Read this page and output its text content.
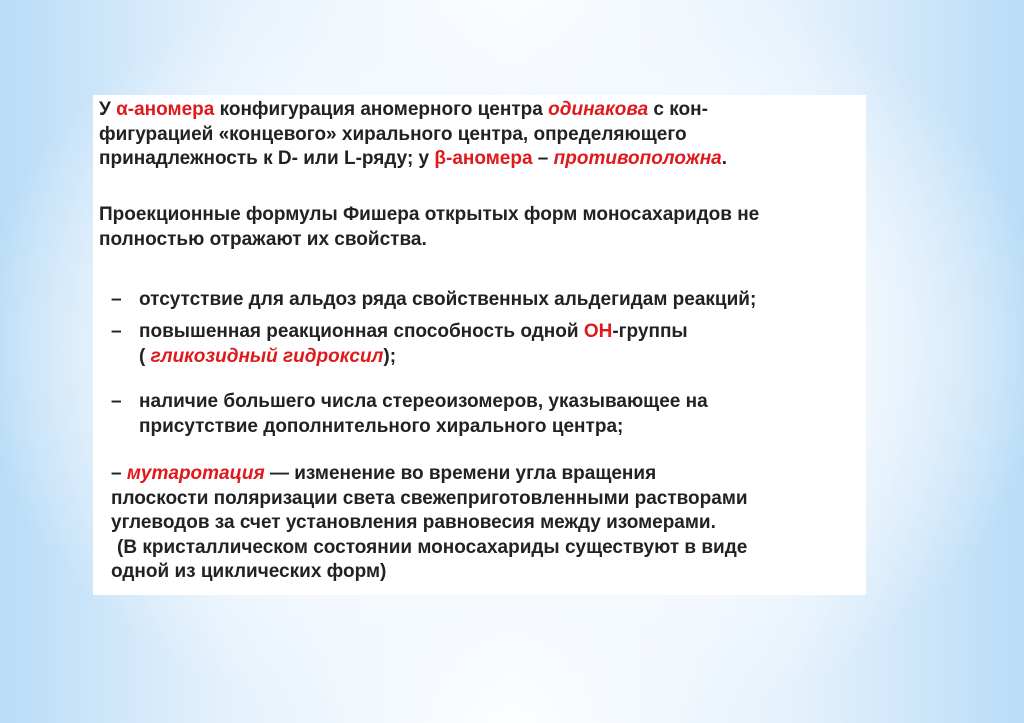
У α-аномера конфигурация аномерного центра одинакова с кон-
фигурацией «концевого» хирального центра, определяющего
принадлежность к D- или L-ряду; у β-аномера – противоположна.
Проекционные формулы Фишера открытых форм моносахаридов не
полностью отражают их свойства.
– отсутствие для альдоз ряда свойственных альдегидам реакций;
– повышенная реакционная способность одной ОН-группы
( гликозидный гидроксил);
– наличие большего числа стереоизомеров, указывающее на
присутствие дополнительного хирального центра;
– мутаротация — изменение во времени угла вращения
плоскости поляризации света свежеприготовленными растворами
углеводов за счет установления равновесия между изомерами.

(В кристаллическом состоянии моносахариды существуют в виде
одной из циклических форм)
